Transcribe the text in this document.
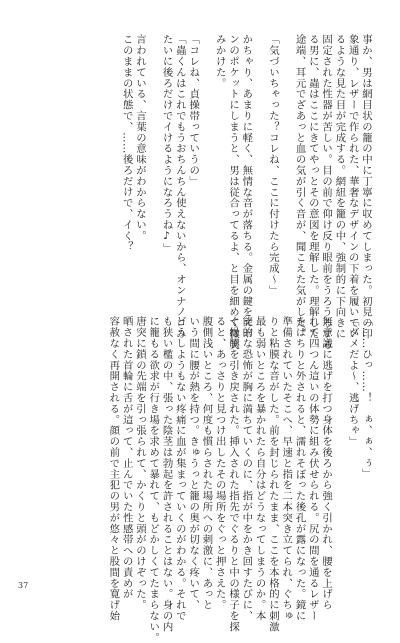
事か、男は網目状の籠の中に丁寧に収めてしまった。初見の印
象通り、レザーで作られた、華奢なデザインの下着を履いてい
るような見た目が完成する。網紐を籠の中、強制的に下向きに
固定された性器が苦しい。目の前で仰け反り眼前をうろうろする
る男に、蟲はここにきてやっとその意図を理解した。理解した
途端、耳元でざあっと血の気が引く音が、聞こえた気がした。

「気づいちゃった？コレね、ここに付けたら完成〜」

かちゃり、あまりに軽く、無情な音が落ちる。金属の鍵をズボ
ンのポケットにしまうと、男は従合ってるよ、と目を細めて微笑
みかけた。

「コレね、貞操帯っていうの」
「蟲くんはこれでもうおちんちん使えないから、オンナノコみ
たいに後ろだけでイけるようになろうね♪」

言われている、言葉の意味がわからない。
このままの状態で、……後ろだけで、イく？
「……ひっ……！　ぁ、ぁ、ぅ」
「ダメだよ〜、逃げちゃ」

無意識に逃げを打つ身体を後ろから強く引かれ、腰を上げら
れて四つん這いの体勢に組み伏せられる。尻の間を通るレザー
をぱちりと外されると、濡れそぼった後孔が露になった。鏡に
準備されていたそこへ、早速と指を二本突き立てられ、ぐちゅ
りと粘膜な音がした。前を封じられたまま、ここを本格的に刺激
最も弱いところを暴かれたら自分はどうなってしまうのか。本
能的な恐怖が胸に満ちていくのに、指が中をかき回すたびに、
ぐ縁膜を引き戻された。挿入された指先でぐるりと中の様子を探
ると、あっさりと見つけ出したその場所をぐっと押さえた。
腹側浅いところ、何度も慣らされた場所への刺激に、あっと
いう間に腰が熱を持つ。きゅうっと籠の奥が切なく疼いて、
どうしようもない疼痛に血が集まっていくのがわかる。それで
も狭い檻の中、張った陰茎は勃起を許されることはない。身の内
に籠もる欲求が行き場を求めて暴れて、もどかしくてたまらない。
唐突に鎖の先端を引っ張られて、かくりと頭がのけぞった。
晒された首輪に舌が這って、止んでいた性感帯への責めが
容赦なく再開される。顔の前で主犯の男が悠々と股間を寛げ始
37
